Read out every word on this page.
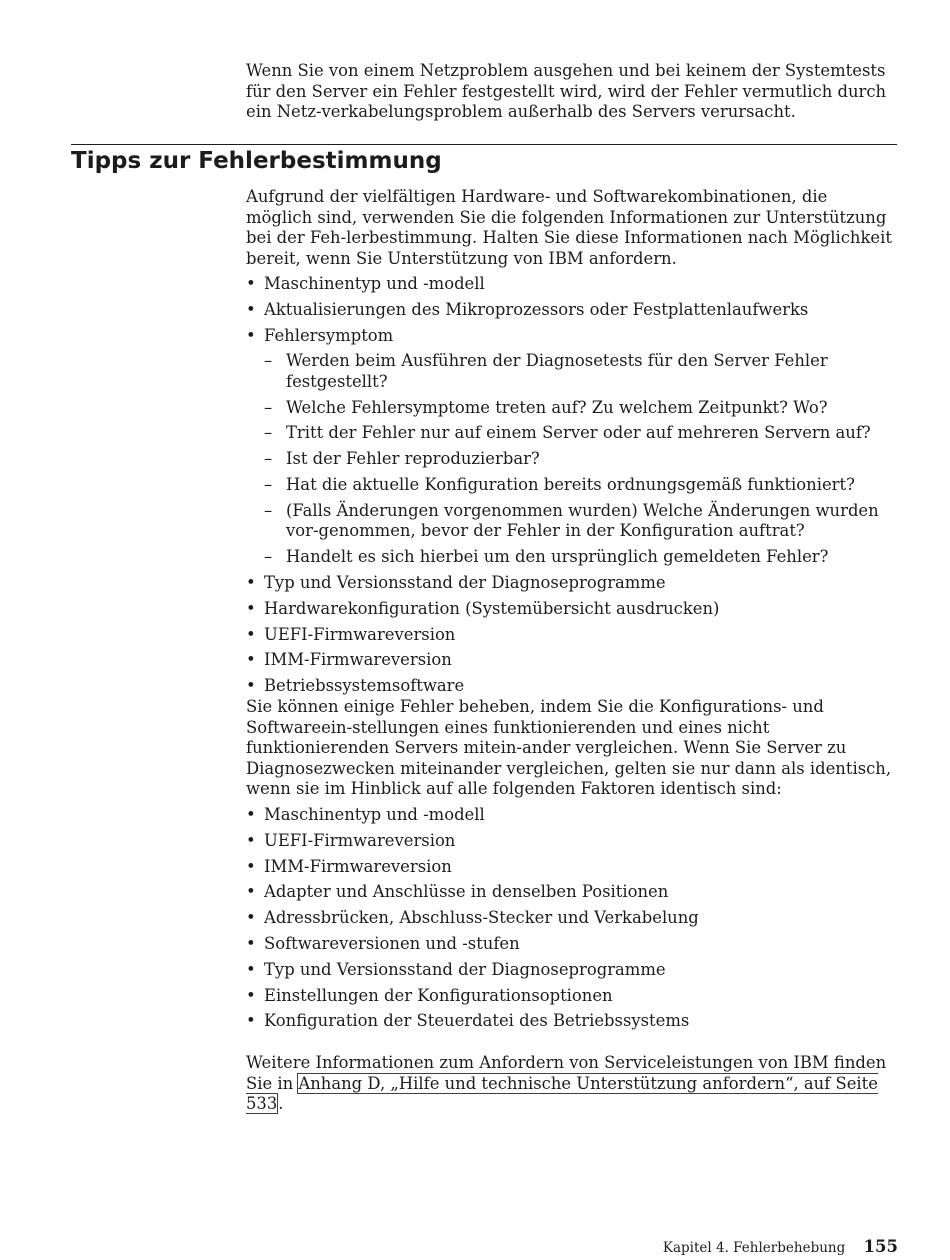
Wenn Sie von einem Netzproblem ausgehen und bei keinem der Systemtests für den Server ein Fehler festgestellt wird, wird der Fehler vermutlich durch ein Netz-verkabelungsproblem außerhalb des Servers verursacht.

Tipps zur Fehlerbestimmung

Aufgrund der vielfältigen Hardware- und Softwarekombinationen, die möglich sind, verwenden Sie die folgenden Informationen zur Unterstützung bei der Feh-lerbestimmung. Halten Sie diese Informationen nach Möglichkeit bereit, wenn Sie Unterstützung von IBM anfordern.

• Maschinentyp und -modell
• Aktualisierungen des Mikroprozessors oder Festplattenlaufwerks
• Fehlersymptom
– Werden beim Ausführen der Diagnosetests für den Server Fehler festgestellt?
– Welche Fehlersymptome treten auf? Zu welchem Zeitpunkt? Wo?
– Tritt der Fehler nur auf einem Server oder auf mehreren Servern auf?
– Ist der Fehler reproduzierbar?
– Hat die aktuelle Konfiguration bereits ordnungsgemäß funktioniert?
– (Falls Änderungen vorgenommen wurden) Welche Änderungen wurden vor-genommen, bevor der Fehler in der Konfiguration auftrat?
– Handelt es sich hierbei um den ursprünglich gemeldeten Fehler?
• Typ und Versionsstand der Diagnoseprogramme
• Hardwarekonfiguration (Systemübersicht ausdrucken)
• UEFI-Firmwareversion
• IMM-Firmwareversion
• Betriebssystemsoftware

Sie können einige Fehler beheben, indem Sie die Konfigurations- und Softwareein-stellungen eines funktionierenden und eines nicht funktionierenden Servers mitein-ander vergleichen. Wenn Sie Server zu Diagnosezwecken miteinander vergleichen, gelten sie nur dann als identisch, wenn sie im Hinblick auf alle folgenden Faktoren identisch sind:

• Maschinentyp und -modell
• UEFI-Firmwareversion
• IMM-Firmwareversion
• Adapter und Anschlüsse in denselben Positionen
• Adressbrücken, Abschluss-Stecker und Verkabelung
• Softwareversionen und -stufen
• Typ und Versionsstand der Diagnoseprogramme
• Einstellungen der Konfigurationsoptionen
• Konfiguration der Steuerdatei des Betriebssystems

Weitere Informationen zum Anfordern von Serviceleistungen von IBM finden Sie in Anhang D, „Hilfe und technische Unterstützung anfordern“, auf Seite 533.

Kapitel 4. Fehlerbehebung 155
